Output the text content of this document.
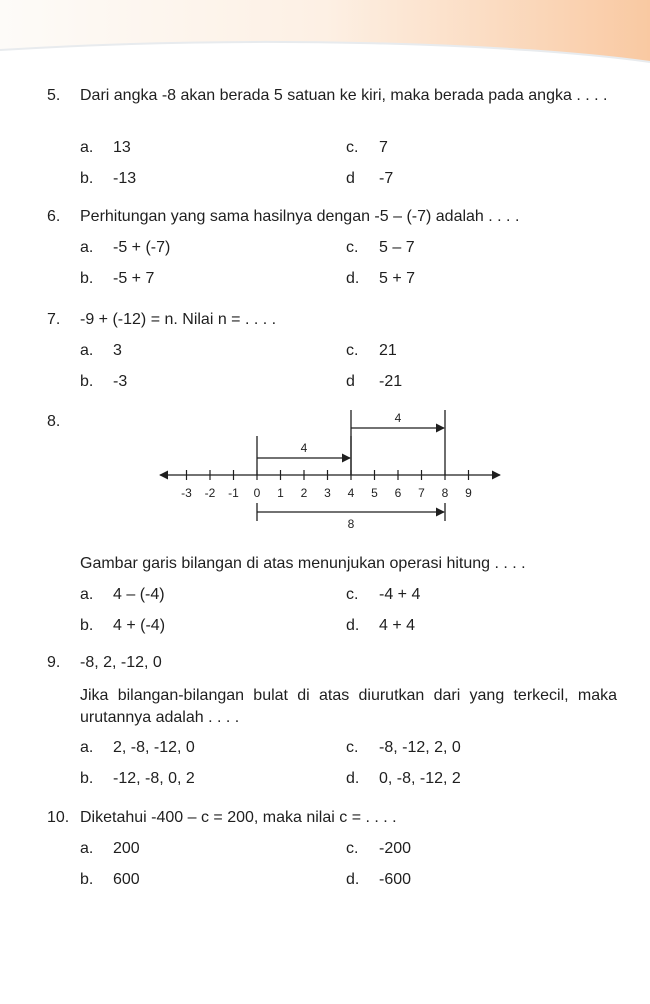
5. Dari angka -8 akan berada 5 satuan ke kiri, maka berada pada angka . . . .
a. 13	c. 7
b. -13	d -7
6. Perhitungan yang sama hasilnya dengan -5 – (-7) adalah . . . .
a. -5 + (-7)	c. 5 – 7
b. -5 + 7	d. 5 + 7
7. -9 + (-12) = n. Nilai n = . . . .
a. 3	c. 21
b. -3	d -21
8.
-3 -2 -1 0 1 2 3 4 5 6 7 8 9
4
4
8
Gambar garis bilangan di atas menunjukan operasi hitung . . . .
a. 4 – (-4)	c. -4 + 4
b. 4 + (-4)	d. 4 + 4
9. -8, 2, -12, 0
Jika bilangan-bilangan bulat di atas diurutkan dari yang terkecil, maka urutannya adalah . . . .
a. 2, -8, -12, 0	c. -8, -12, 2, 0
b. -12, -8, 0, 2	d. 0, -8, -12, 2
10. Diketahui -400 – c = 200, maka nilai c = . . . .
a. 200	c. -200
b. 600	d. -600
